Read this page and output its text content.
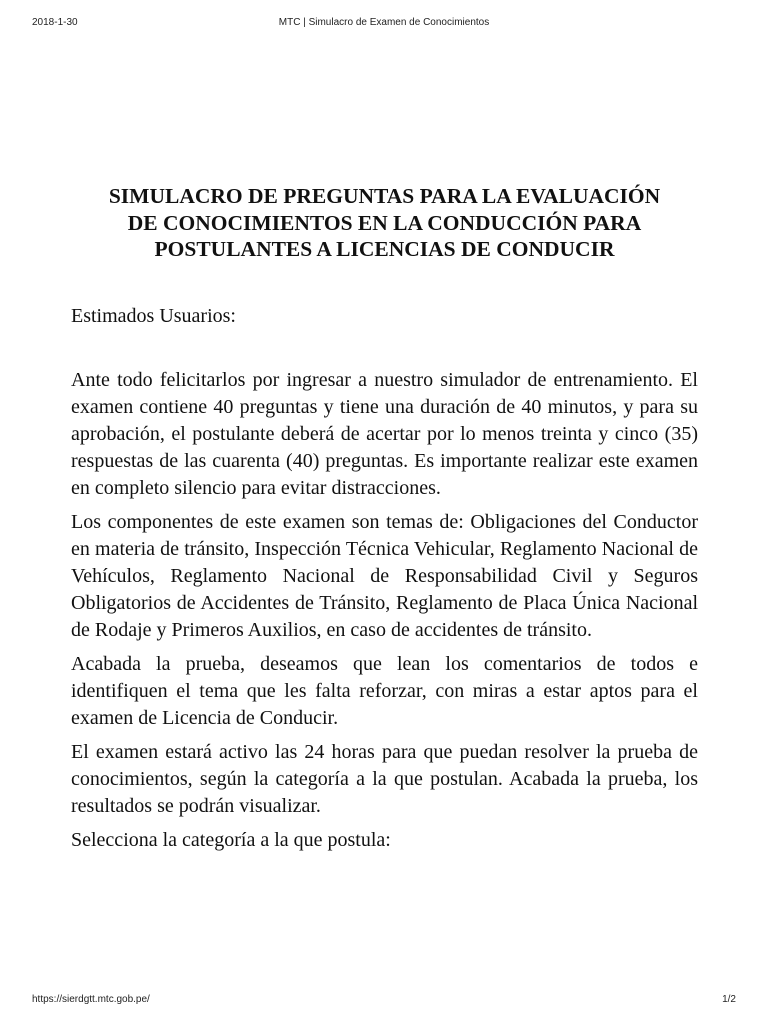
2018-1-30	MTC | Simulacro de Examen de Conocimientos
SIMULACRO DE PREGUNTAS PARA LA EVALUACIÓN
DE CONOCIMIENTOS EN LA CONDUCCIÓN PARA
POSTULANTES A LICENCIAS DE CONDUCIR

Estimados Usuarios:

Ante todo felicitarlos por ingresar a nuestro simulador de entrenamiento. El examen contiene 40 preguntas y tiene una duración de 40 minutos, y para su aprobación, el postulante deberá de acertar por lo menos treinta y cinco (35) respuestas de las cuarenta (40) preguntas. Es importante realizar este examen en completo silencio para evitar distracciones.

Los componentes de este examen son temas de: Obligaciones del Conductor en materia de tránsito, Inspección Técnica Vehicular, Reglamento Nacional de Vehículos, Reglamento Nacional de Responsabilidad Civil y Seguros Obligatorios de Accidentes de Tránsito, Reglamento de Placa Única Nacional de Rodaje y Primeros Auxilios, en caso de accidentes de tránsito.

Acabada la prueba, deseamos que lean los comentarios de todos e identifiquen el tema que les falta reforzar, con miras a estar aptos para el examen de Licencia de Conducir.

El examen estará activo las 24 horas para que puedan resolver la prueba de conocimientos, según la categoría a la que postulan. Acabada la prueba, los resultados se podrán visualizar.

Selecciona la categoría a la que postula:

https://sierdgtt.mtc.gob.pe/	1/2
